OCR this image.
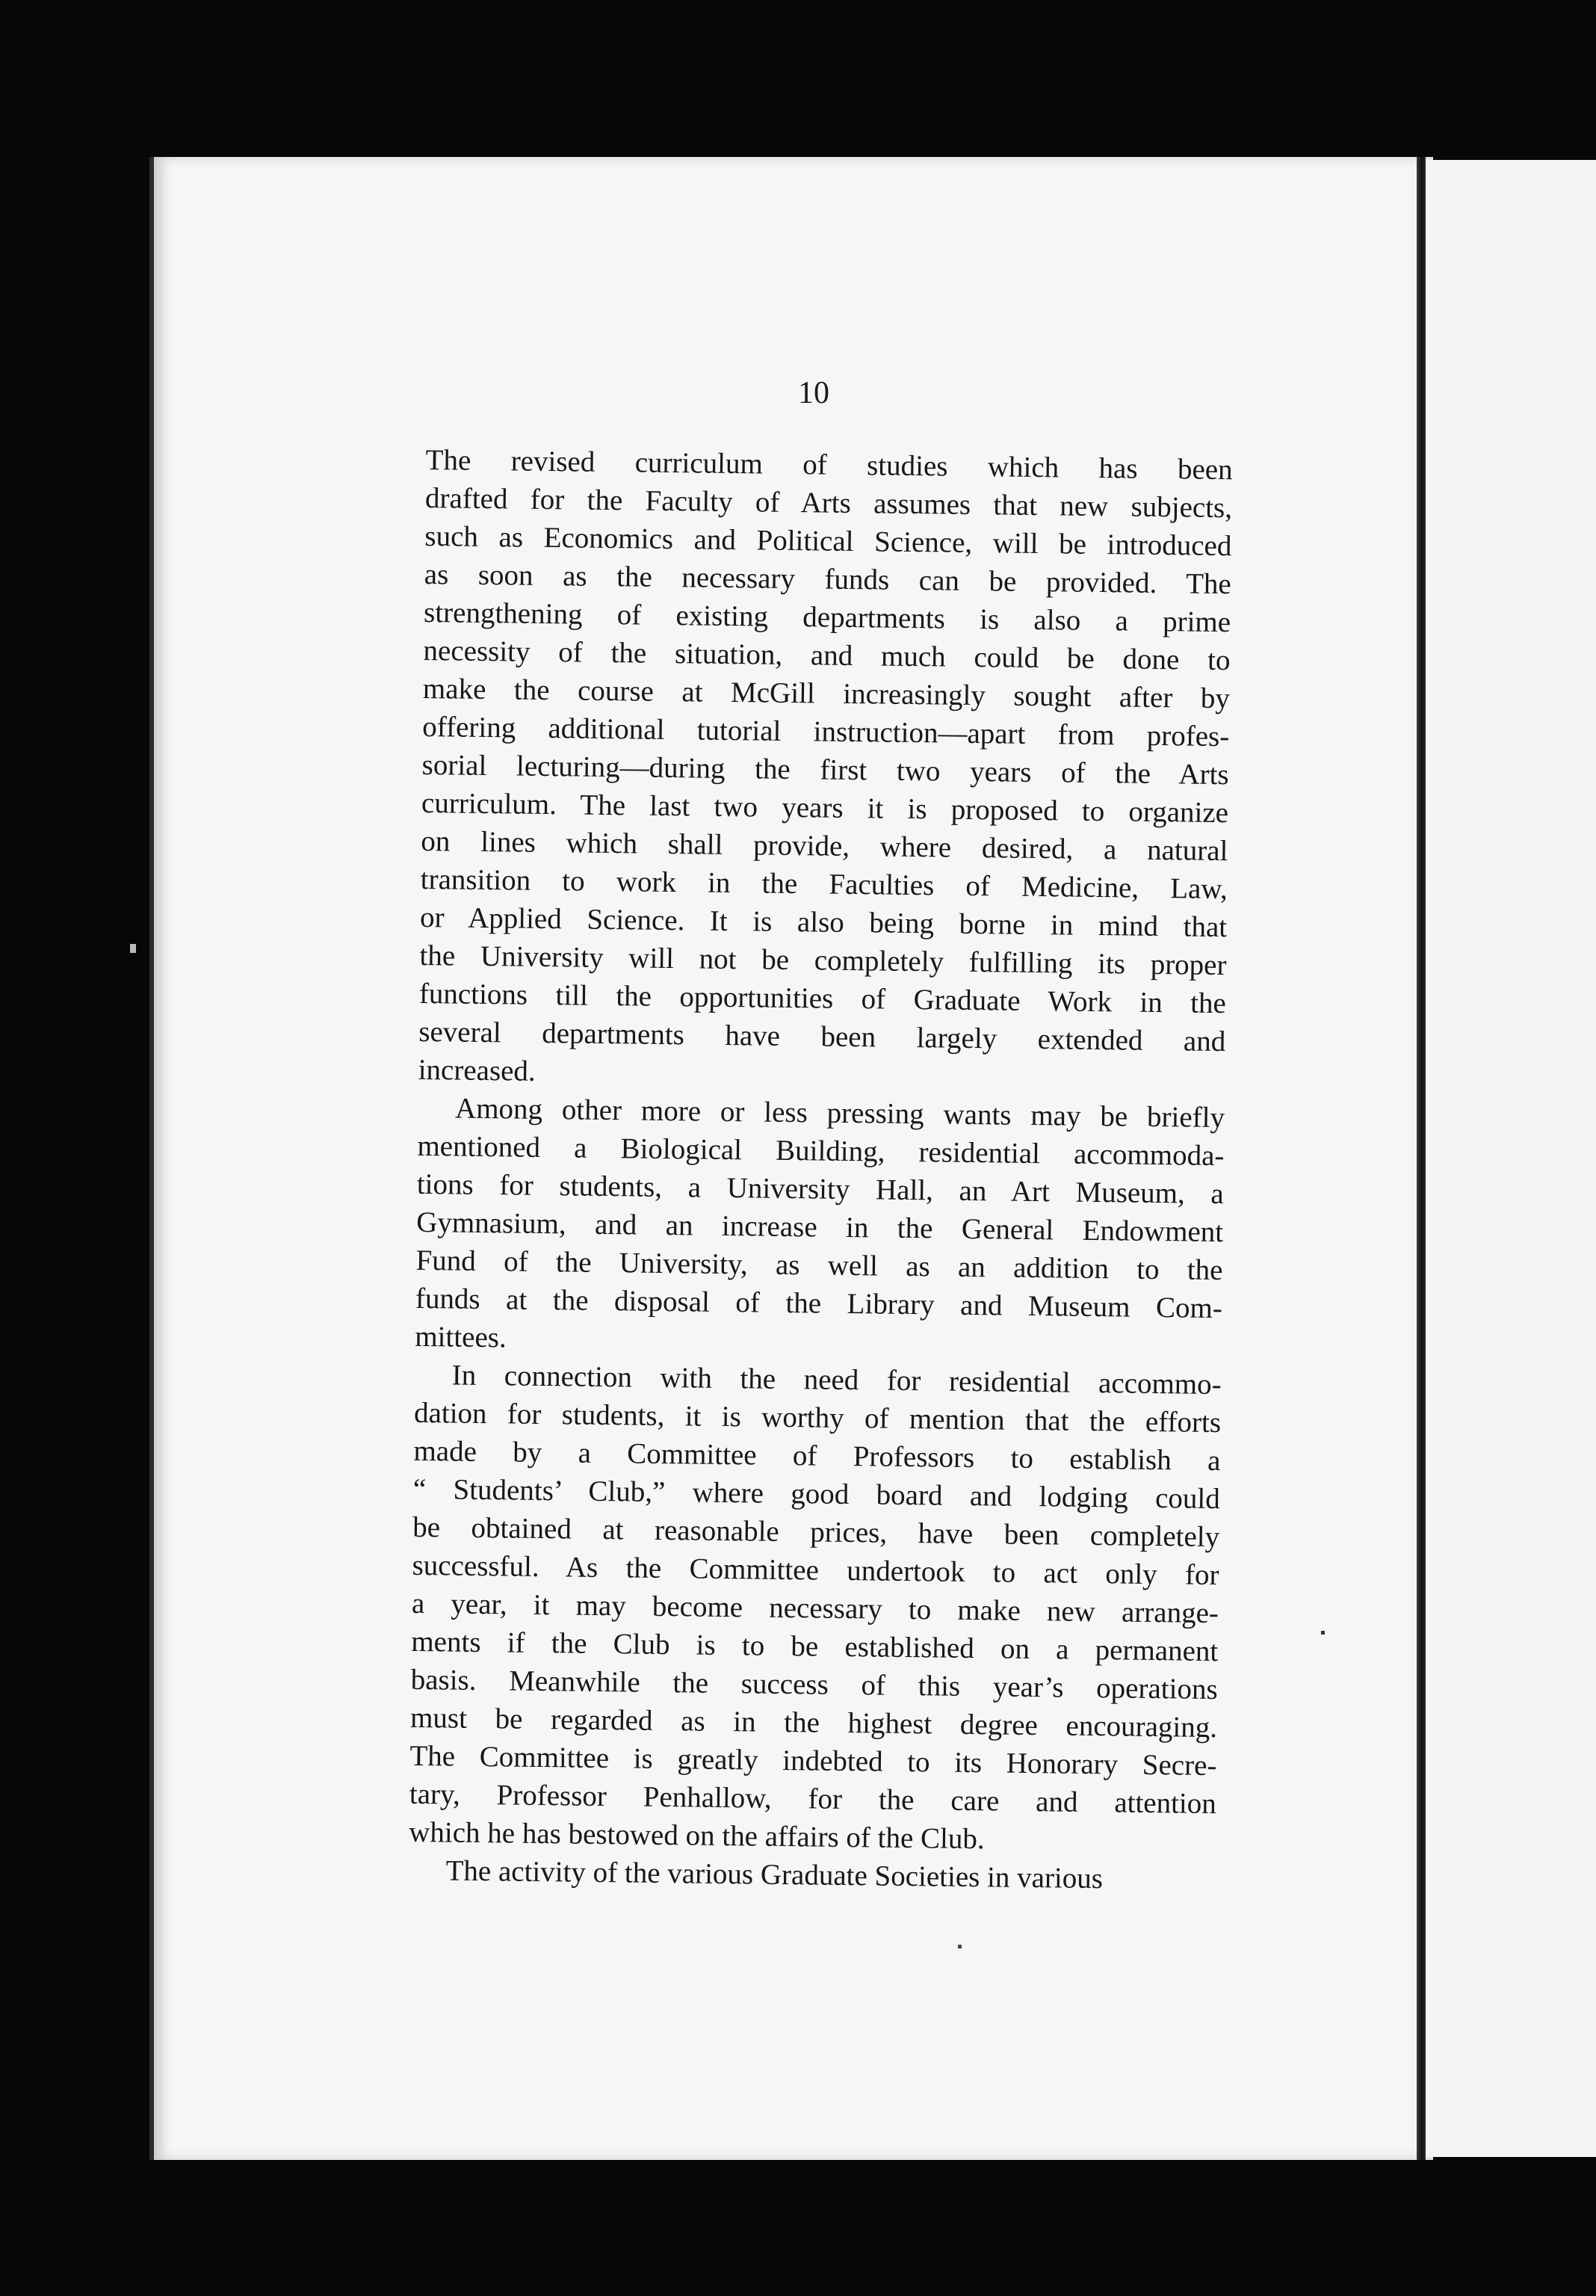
10
The revised curriculum of studies which has been
drafted for the Faculty of Arts assumes that new subjects,
such as Economics and Political Science, will be introduced
as soon as the necessary funds can be provided. The
strengthening of existing departments is also a prime
necessity of the situation, and much could be done to
make the course at McGill increasingly sought after by
offering additional tutorial instruction—apart from profes-
sorial lecturing—during the first two years of the Arts
curriculum. The last two years it is proposed to organize
on lines which shall provide, where desired, a natural
transition to work in the Faculties of Medicine, Law,
or Applied Science. It is also being borne in mind that
the University will not be completely fulfilling its proper
functions till the opportunities of Graduate Work in the
several departments have been largely extended and
increased.
Among other more or less pressing wants may be briefly
mentioned a Biological Building, residential accommoda-
tions for students, a University Hall, an Art Museum, a
Gymnasium, and an increase in the General Endowment
Fund of the University, as well as an addition to the
funds at the disposal of the Library and Museum Com-
mittees.
In connection with the need for residential accommo-
dation for students, it is worthy of mention that the efforts
made by a Committee of Professors to establish a
“ Students’ Club,” where good board and lodging could
be obtained at reasonable prices, have been completely
successful. As the Committee undertook to act only for
a year, it may become necessary to make new arrange-
ments if the Club is to be established on a permanent
basis. Meanwhile the success of this year’s operations
must be regarded as in the highest degree encouraging.
The Committee is greatly indebted to its Honorary Secre-
tary, Professor Penhallow, for the care and attention
which he has bestowed on the affairs of the Club.
The activity of the various Graduate Societies in various
